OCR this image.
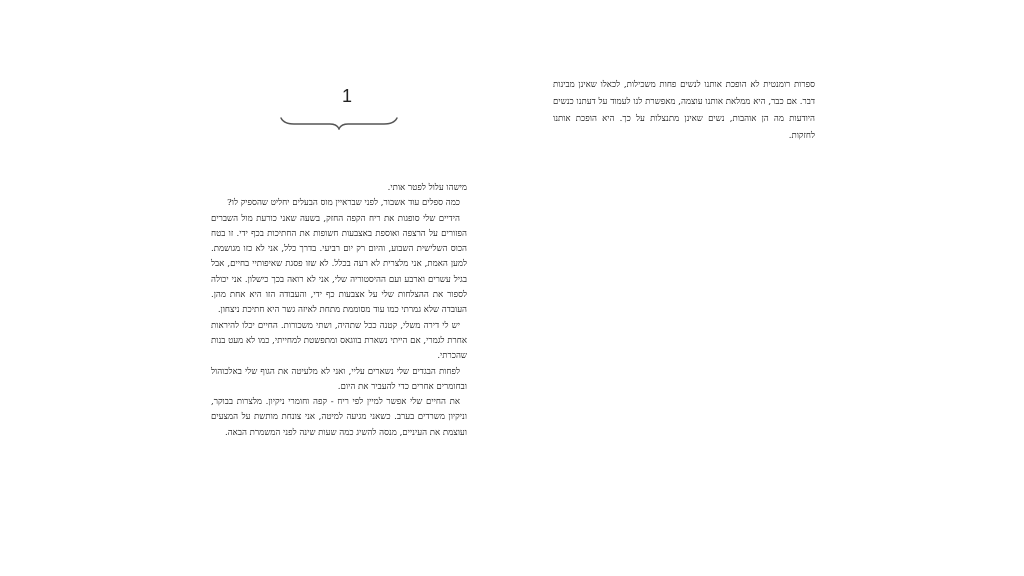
1

מישהו עלול לפטר אותי.

כמה ספלים עוד אשבור, לפני שבראיין מוס הבעלים יחליט שהספיק לו?

הידיים שלי סופגות את ריח הקפה החזק, בשעה שאני כורעת מול השברים הפזורים על הרצפה ואוספת באצבעות חשופות את החתיכות בכף ידי. זו בטח הכוס השלישית השבוע, והיום רק יום רביעי. בדרך כלל, אני לא כזו מגושמת. למען האמת, אני מלצרית לא רעה בכלל. לא שזו פסגת שאיפותיי בחיים, אבל בגיל עשרים וארבע ועם ההיסטוריה שלי, אני לא רואה בכך כישלון. אני יכולה לספור את ההצלחות שלי על אצבעות כף ידי, והעבודה הזו היא אחת מהן. העובדה שלא גמרתי כמו עוד מסוממת מתחת לאיזה גשר היא חתיכת ניצחון.

יש לי דירה משלי, קטנה ככל שתהיה, ושתי משכורות. החיים יכלו להיראות אחרת לגמרי, אם הייתי נשארת בווגאס ומתפשטת למחייתי, כמו לא מעט בנות שהכרתי.

לפחות הבגדים שלי נשארים עליי, ואני לא מלעיטה את הגוף שלי באלכוהול ובחומרים אחרים כדי להעביר את היום.

את החיים שלי אפשר למיין לפי ריח - קפה וחומרי ניקיון. מלצרות בבוקר, וניקיון משרדים בערב. כשאני מגיעה למיטה, אני צונחת מותשת על המצעים ועוצמת את העיניים, מנסה להשיג כמה שעות שינה לפני המשמרת הבאה.

ספרות רומנטית לא הופכת אותנו לנשים פחות משכילות, לכאלו שאינן מבינות דבר. אם כבר, היא ממלאת אותנו עוצמה, מאפשרת לנו לעמוד על דעתנו כנשים היודעות מה הן אוהבות, נשים שאינן מתנצלות על כך. היא הופכת אותנו לחזקות.
